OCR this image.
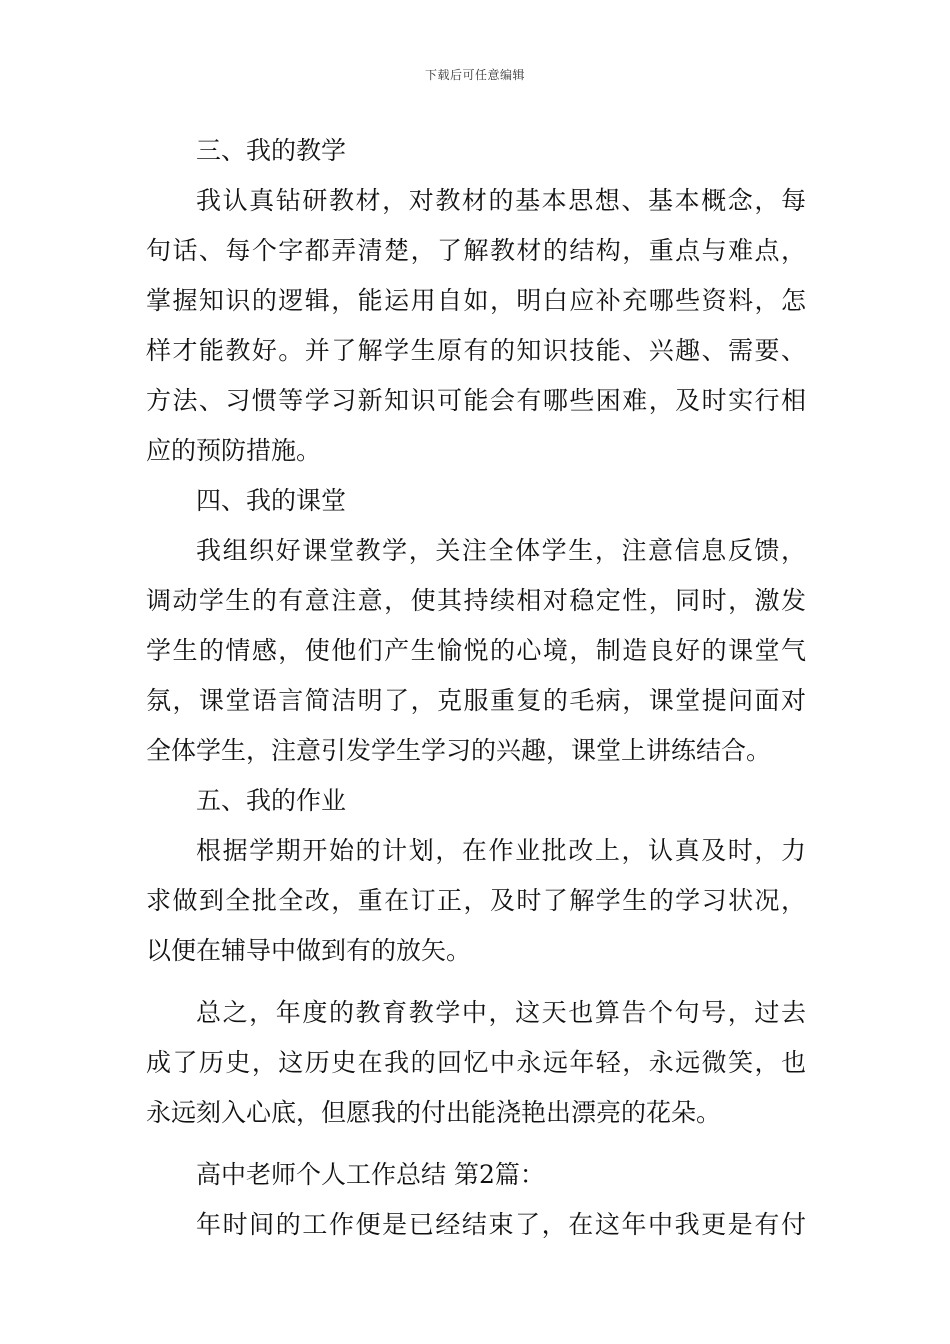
下载后可任意编辑
三、我的教学
我认真钻研教材，对教材的基本思想、基本概念，每
句话、每个字都弄清楚，了解教材的结构，重点与难点，
掌握知识的逻辑，能运用自如，明白应补充哪些资料，怎
样才能教好。并了解学生原有的知识技能、兴趣、需要、
方法、习惯等学习新知识可能会有哪些困难，及时实行相
应的预防措施。
四、我的课堂
我组织好课堂教学，关注全体学生，注意信息反馈，
调动学生的有意注意，使其持续相对稳定性，同时，激发
学生的情感，使他们产生愉悦的心境，制造良好的课堂气
氛，课堂语言简洁明了，克服重复的毛病，课堂提问面对
全体学生，注意引发学生学习的兴趣，课堂上讲练结合。
五、我的作业
根据学期开始的计划，在作业批改上，认真及时，力
求做到全批全改，重在订正，及时了解学生的学习状况，
以便在辅导中做到有的放矢。
总之，年度的教育教学中，这天也算告个句号，过去
成了历史，这历史在我的回忆中永远年轻，永远微笑，也
永远刻入心底，但愿我的付出能浇艳出漂亮的花朵。
高中老师个人工作总结 第2篇：
年时间的工作便是已经结束了，在这年中我更是有付
